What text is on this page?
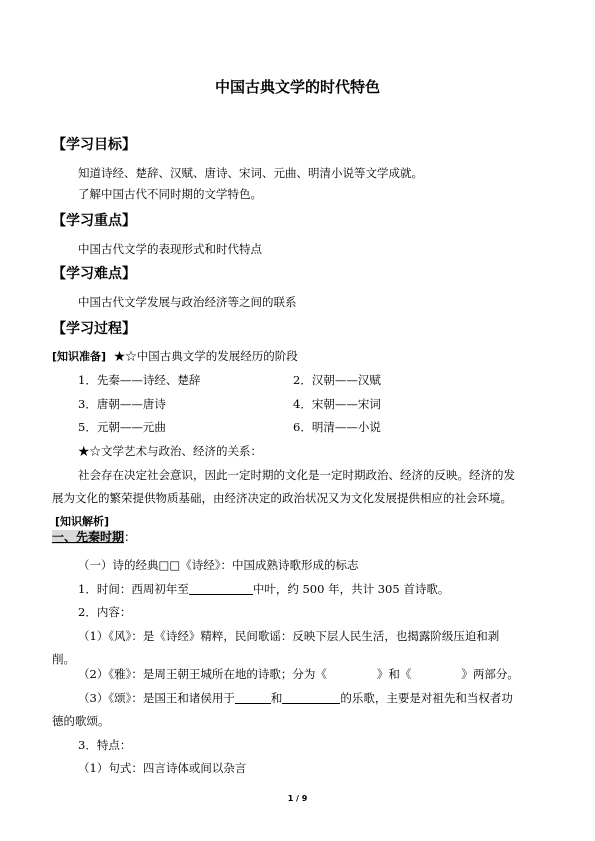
中国古典文学的时代特色
【学习目标】
知道诗经、楚辞、汉赋、唐诗、宋词、元曲、明清小说等文学成就。
了解中国古代不同时期的文学特色。
【学习重点】
中国古代文学的表现形式和时代特点
【学习难点】
中国古代文学发展与政治经济等之间的联系
【学习过程】
[知识准备] ★☆中国古典文学的发展经历的阶段
1．先秦——诗经、楚辞	2．汉朝——汉赋
3．唐朝——唐诗	4．宋朝——宋词
5．元朝——元曲	6．明清——小说
★☆文学艺术与政治、经济的关系：
社会存在决定社会意识，因此一定时期的文化是一定时期政治、经济的反映。经济的发
展为文化的繁荣提供物质基础，由经济决定的政治状况又为文化发展提供相应的社会环境。
[知识解析]
一、先秦时期：
（一）诗的经典□□《诗经》：中国成熟诗歌形成的标志
1．时间：西周初年至	中叶，约 500 年，共计 305 首诗歌。
2．内容：
（1）《风》：是《诗经》精粹，民间歌谣：反映下层人民生活，也揭露阶级压迫和剥
削。
（2）《雅》：是周王朝王城所在地的诗歌；分为《	》和《	》两部分。
（3）《颂》：是国王和诸侯用于	和	的乐歌，主要是对祖先和当权者功
德的歌颂。
3．特点：
（1）句式：四言诗体或间以杂言
1 / 9
